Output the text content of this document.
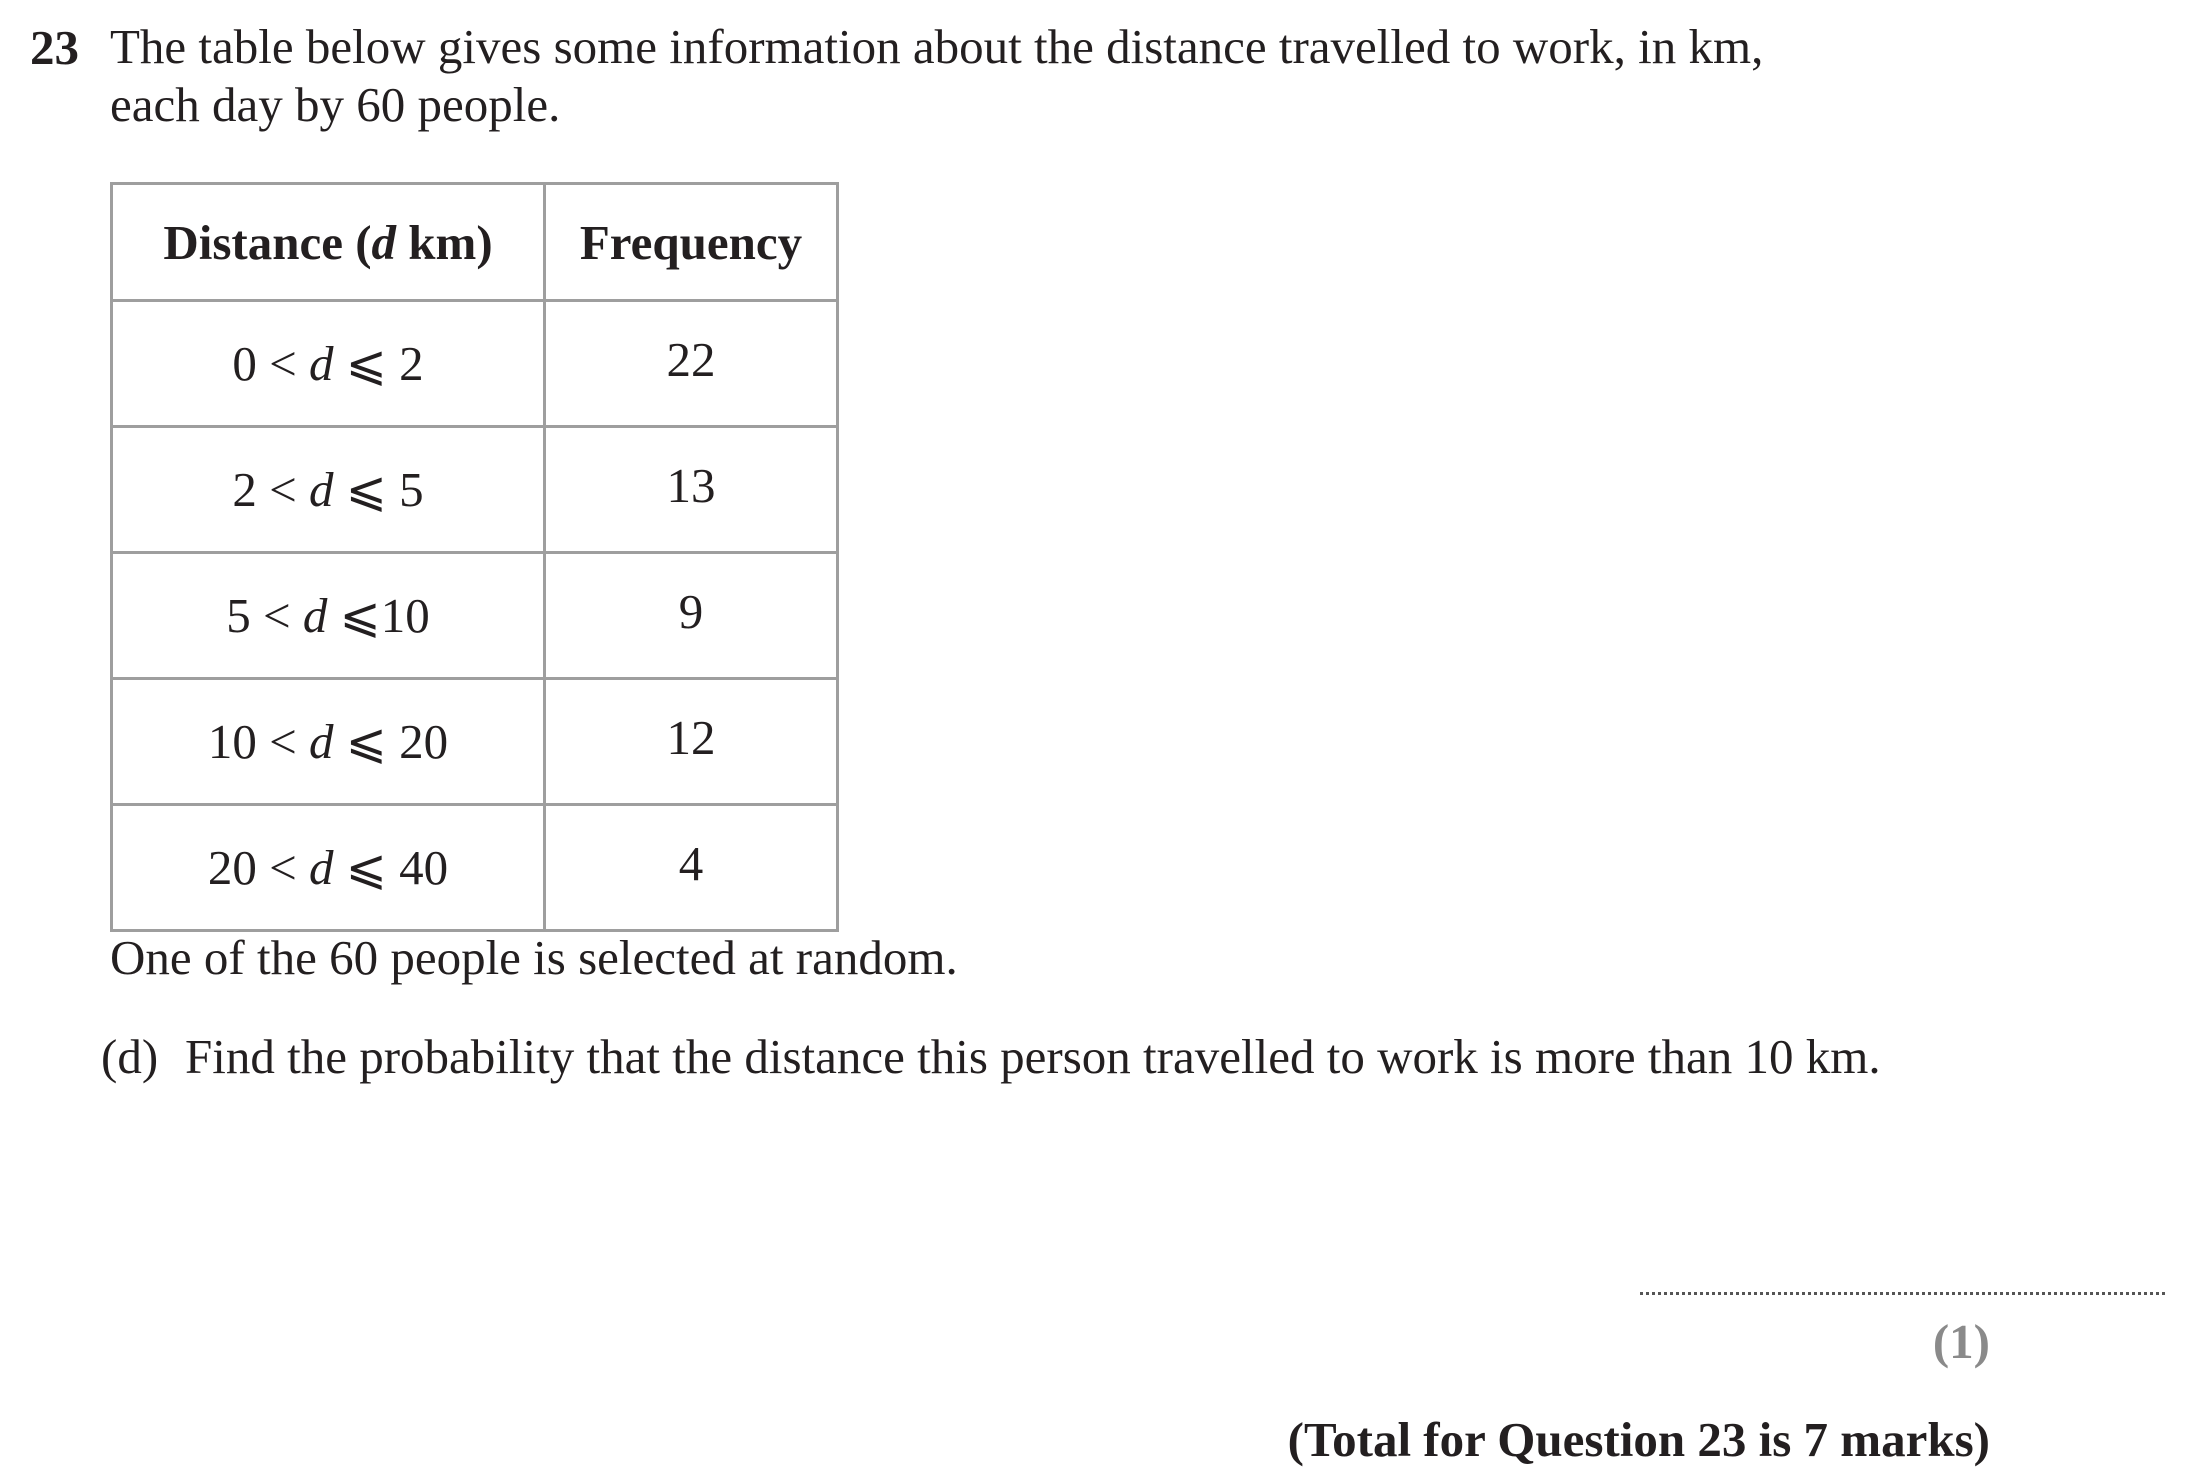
23 The table below gives some information about the distance travelled to work, in km,
each day by 60 people.
Distance (d km)	Frequency
0 < d ⩽ 2	22
2 < d ⩽ 5	13
5 < d ⩽10	9
10 < d ⩽ 20	12
20 < d ⩽ 40	4
One of the 60 people is selected at random.
(d) Find the probability that the distance this person travelled to work is more than 10 km.
(1)
(Total for Question 23 is 7 marks)
